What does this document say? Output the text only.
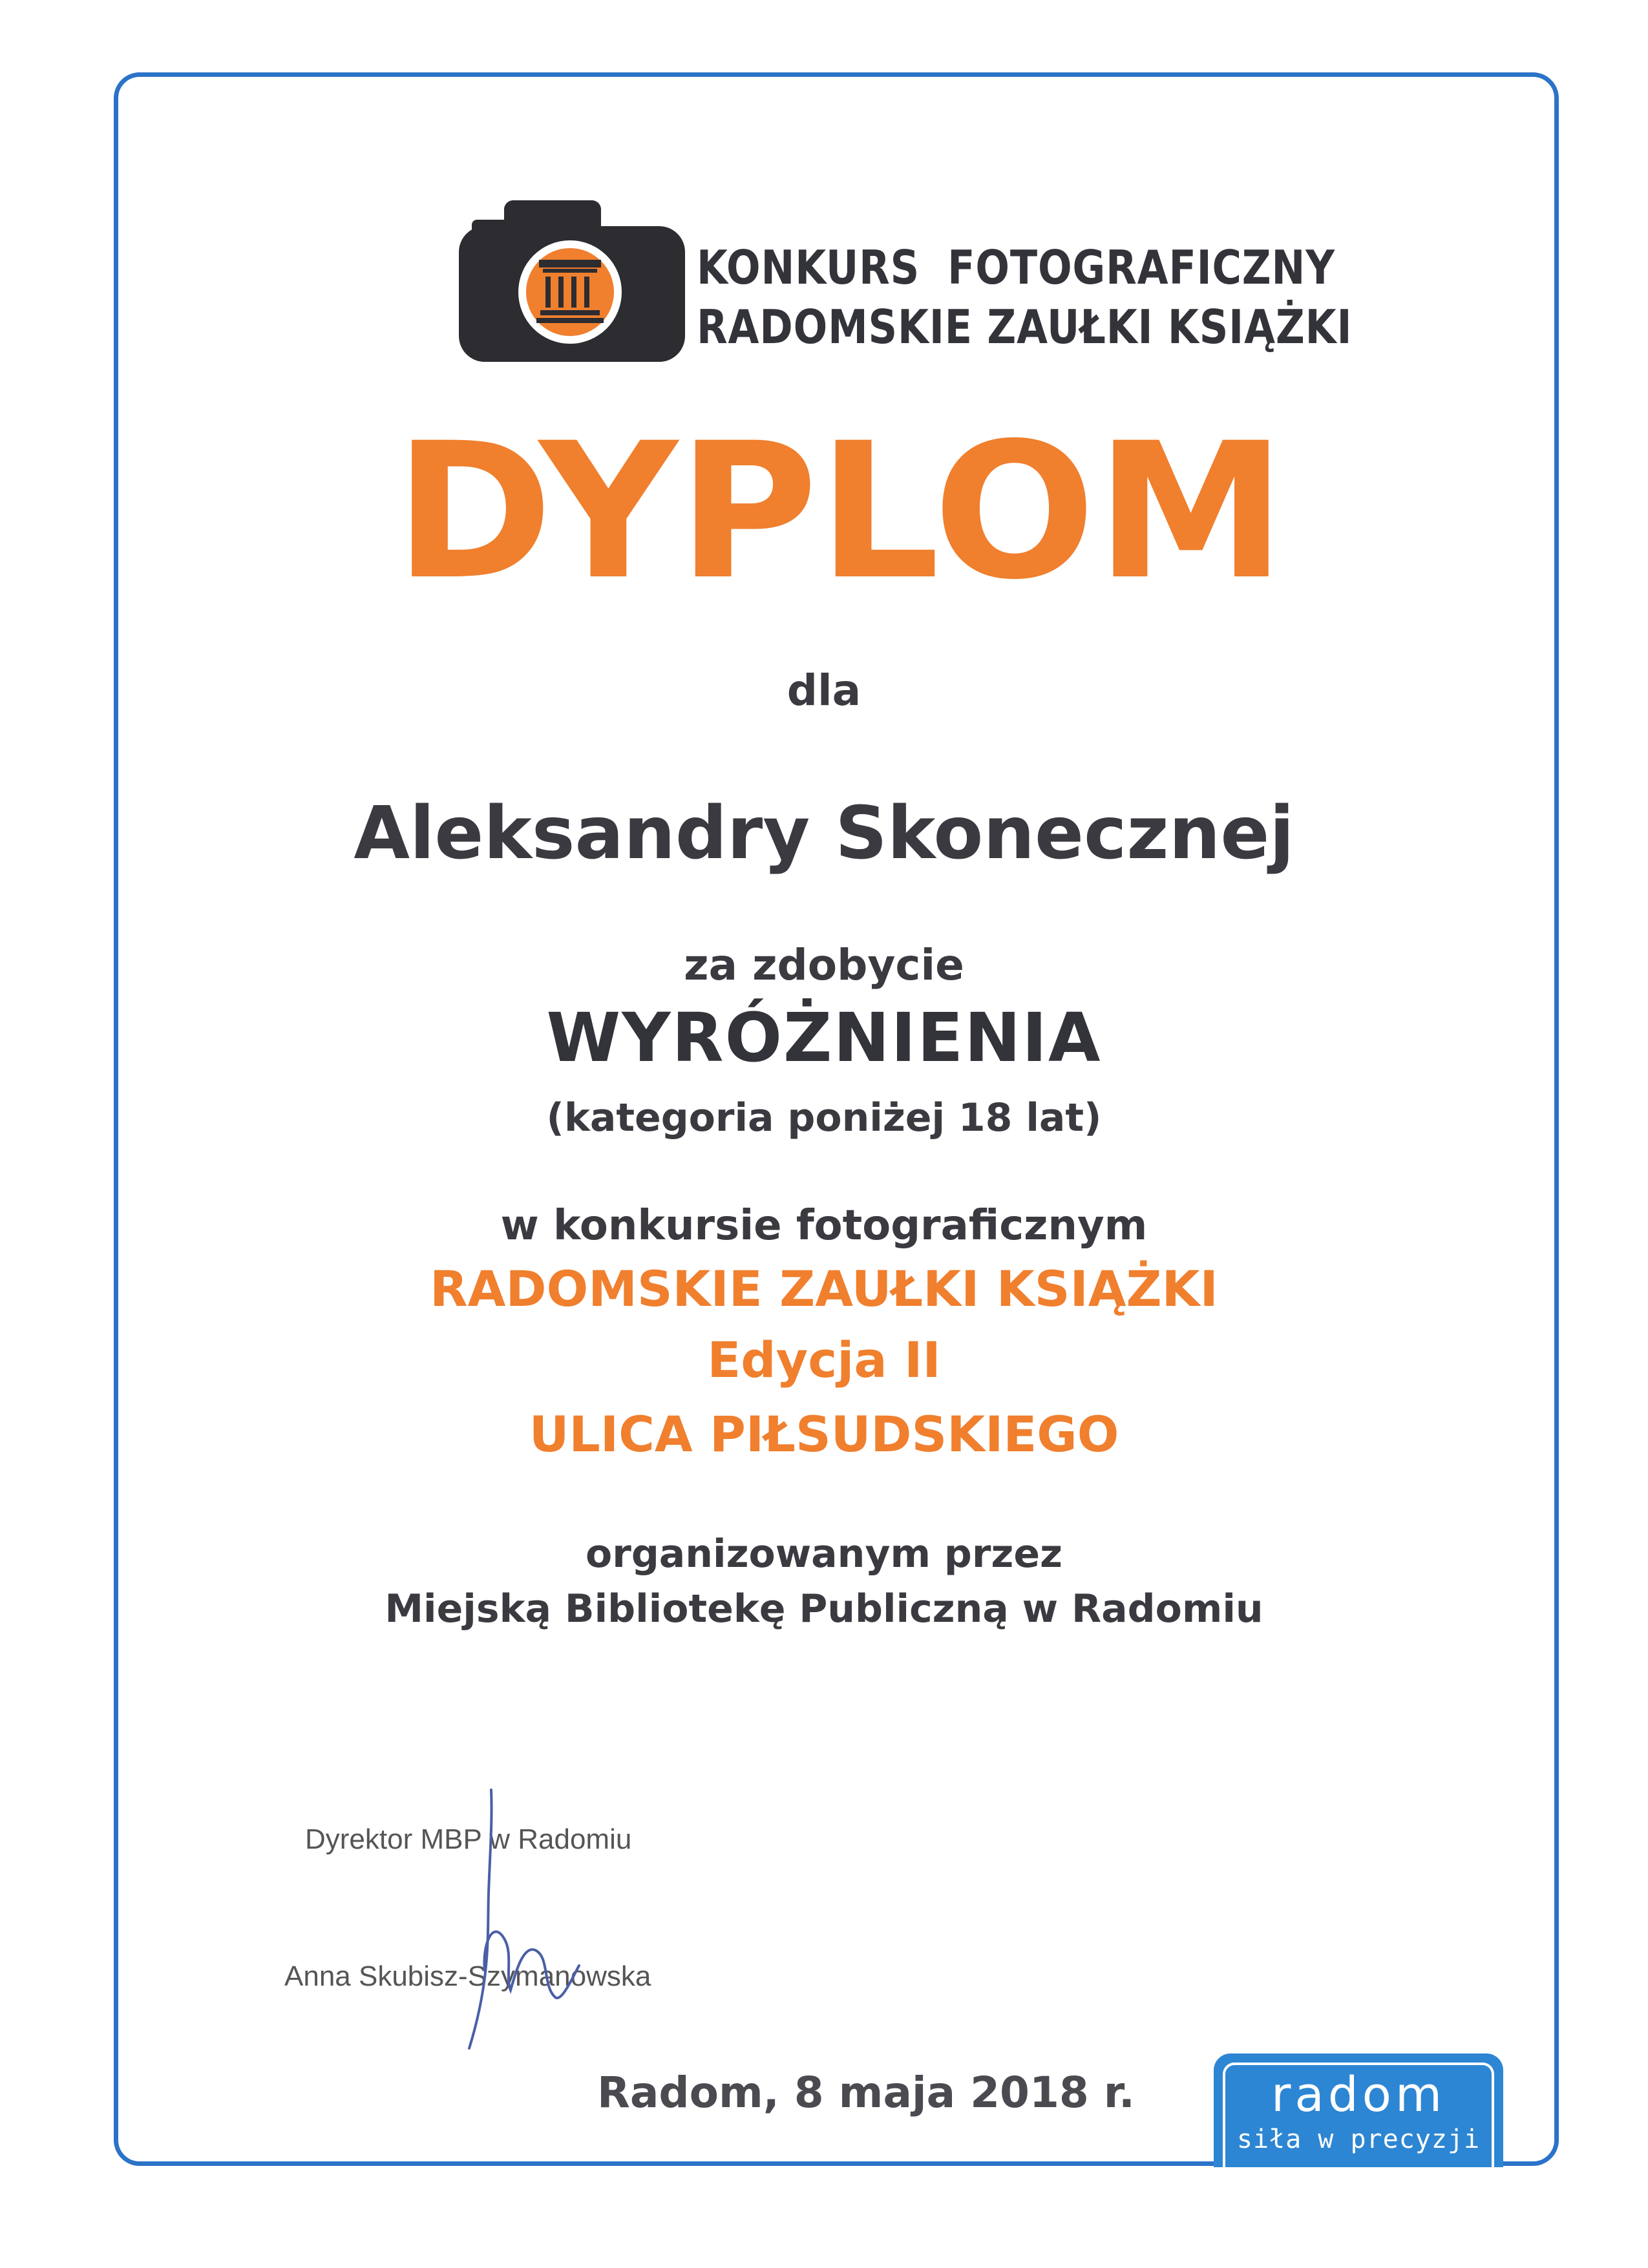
KONKURS FOTOGRAFICZNY
RADOMSKIE ZAUŁKI KSIĄŻKI
DYPLOM
dla
Aleksandry Skonecznej
za zdobycie
WYRÓŻNIENIA
(kategoria poniżej 18 lat)
w konkursie fotograficznym
RADOMSKIE ZAUŁKI KSIĄŻKI
Edycja II
ULICA PIŁSUDSKIEGO
organizowanym przez
Miejską Bibliotekę Publiczną w Radomiu
Dyrektor MBP w Radomiu
Anna Skubisz-Szymanowska
Radom, 8 maja 2018 r.	radom
siła w precyzji
